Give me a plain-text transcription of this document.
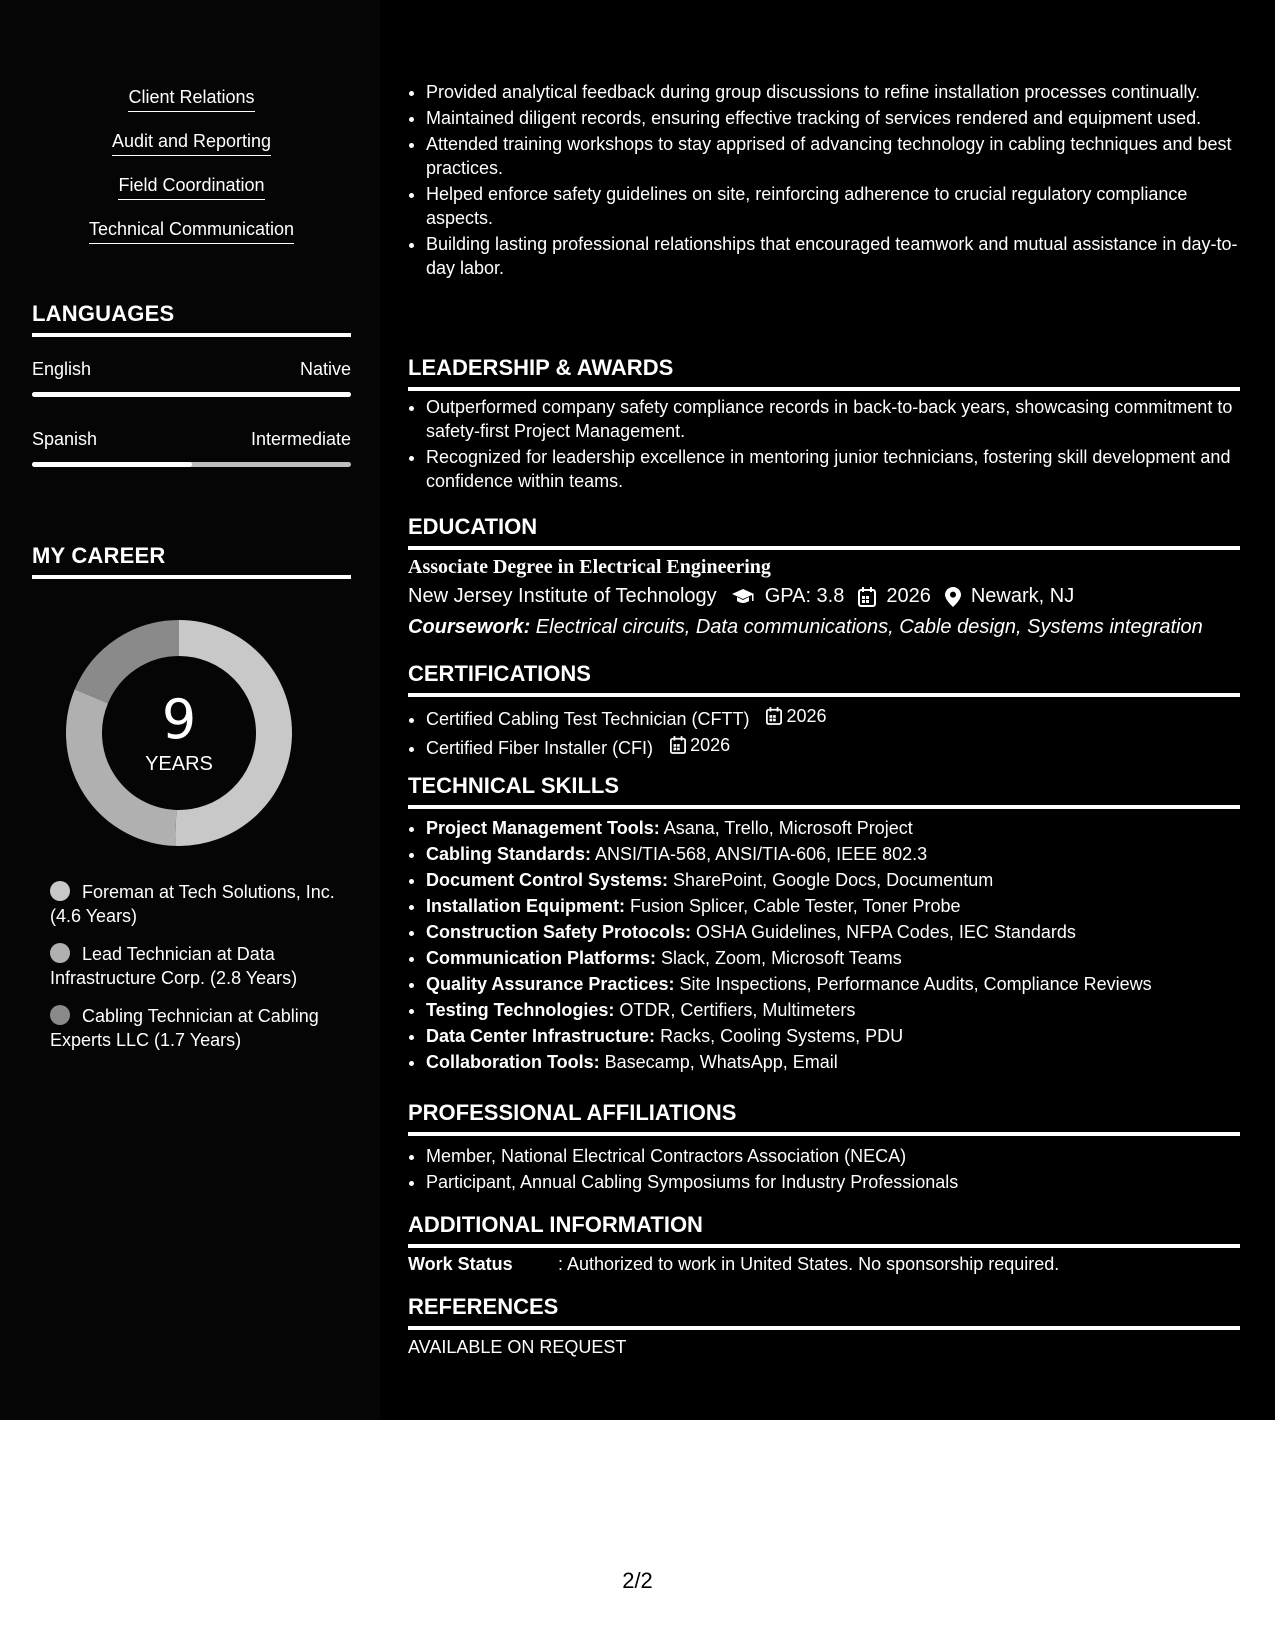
Client Relations
Audit and Reporting
Field Coordination
Technical Communication
LANGUAGES
English	Native
Spanish	Intermediate
MY CAREER
9
YEARS
Foreman at Tech Solutions, Inc. (4.6 Years)
Lead Technician at Data Infrastructure Corp. (2.8 Years)
Cabling Technician at Cabling Experts LLC (1.7 Years)
• Provided analytical feedback during group discussions to refine installation processes continually.
• Maintained diligent records, ensuring effective tracking of services rendered and equipment used.
• Attended training workshops to stay apprised of advancing technology in cabling techniques and best practices.
• Helped enforce safety guidelines on site, reinforcing adherence to crucial regulatory compliance aspects.
• Building lasting professional relationships that encouraged teamwork and mutual assistance in day-to-day labor.
LEADERSHIP & AWARDS
• Outperformed company safety compliance records in back-to-back years, showcasing commitment to safety-first Project Management.
• Recognized for leadership excellence in mentoring junior technicians, fostering skill development and confidence within teams.
EDUCATION
Associate Degree in Electrical Engineering
New Jersey Institute of Technology GPA: 3.8 2026 Newark, NJ
Coursework: Electrical circuits, Data communications, Cable design, Systems integration
CERTIFICATIONS
• Certified Cabling Test Technician (CFTT) 2026
• Certified Fiber Installer (CFI) 2026
TECHNICAL SKILLS
• Project Management Tools: Asana, Trello, Microsoft Project
• Cabling Standards: ANSI/TIA-568, ANSI/TIA-606, IEEE 802.3
• Document Control Systems: SharePoint, Google Docs, Documentum
• Installation Equipment: Fusion Splicer, Cable Tester, Toner Probe
• Construction Safety Protocols: OSHA Guidelines, NFPA Codes, IEC Standards
• Communication Platforms: Slack, Zoom, Microsoft Teams
• Quality Assurance Practices: Site Inspections, Performance Audits, Compliance Reviews
• Testing Technologies: OTDR, Certifiers, Multimeters
• Data Center Infrastructure: Racks, Cooling Systems, PDU
• Collaboration Tools: Basecamp, WhatsApp, Email
PROFESSIONAL AFFILIATIONS
• Member, National Electrical Contractors Association (NECA)
• Participant, Annual Cabling Symposiums for Industry Professionals
ADDITIONAL INFORMATION
Work Status	: Authorized to work in United States. No sponsorship required.
REFERENCES
AVAILABLE ON REQUEST
2/2
